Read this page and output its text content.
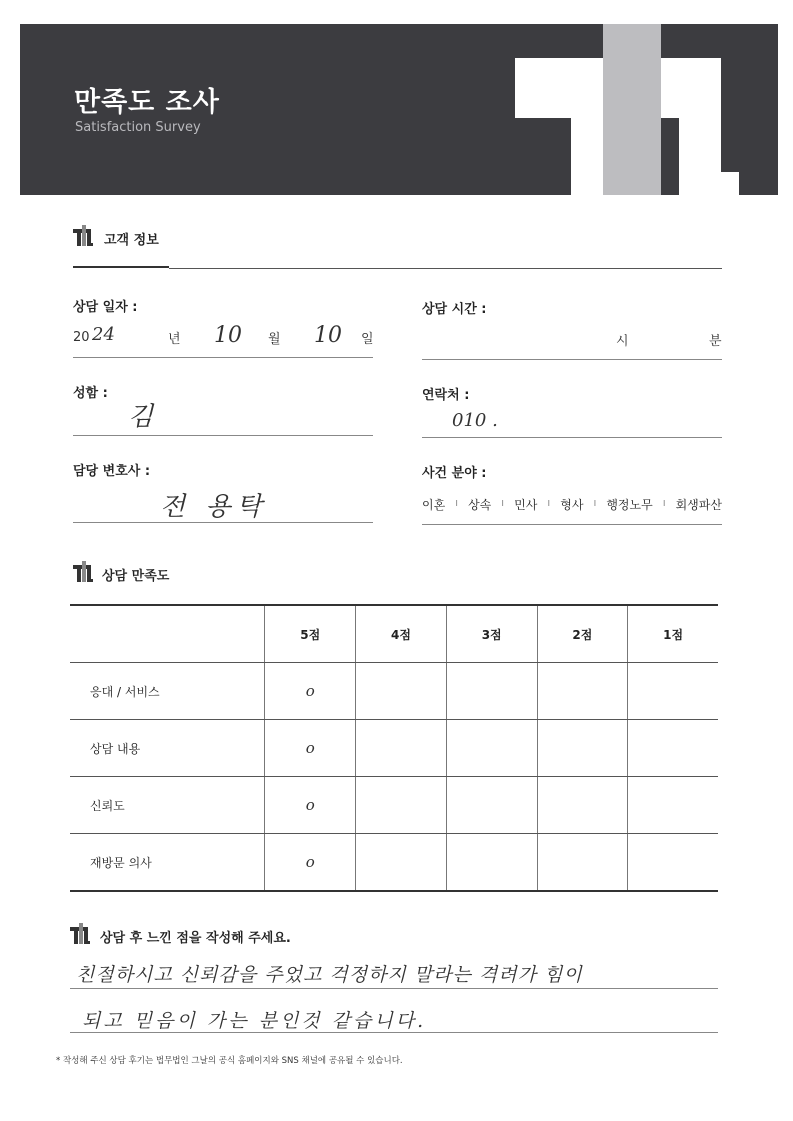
만족도 조사
Satisfaction Survey
고객 정보
상담 일자 :
20 24	년 10 월 10 일
상담 시간 :
시	분
성함 :
김
연락처 :
010 .
담당 변호사 :
전 용탁
사건 분야 :
이혼 I 상속 I 민사 I 형사 I 행정노무 I 회생파산
상담 만족도
	5점	4점	3점	2점	1점
응대 / 서비스	o				
상담 내용	o				
신뢰도	o				
재방문 의사	o				
상담 후 느낀 점을 작성해 주세요.
친절하시고 신뢰감을 주었고 걱정하지 말라는 격려가 힘이
되고 믿음이 가는 분인것 같습니다.
* 작성해 주신 상담 후기는 법무법인 그날의 공식 홈페이지와 SNS 채널에 공유될 수 있습니다.
